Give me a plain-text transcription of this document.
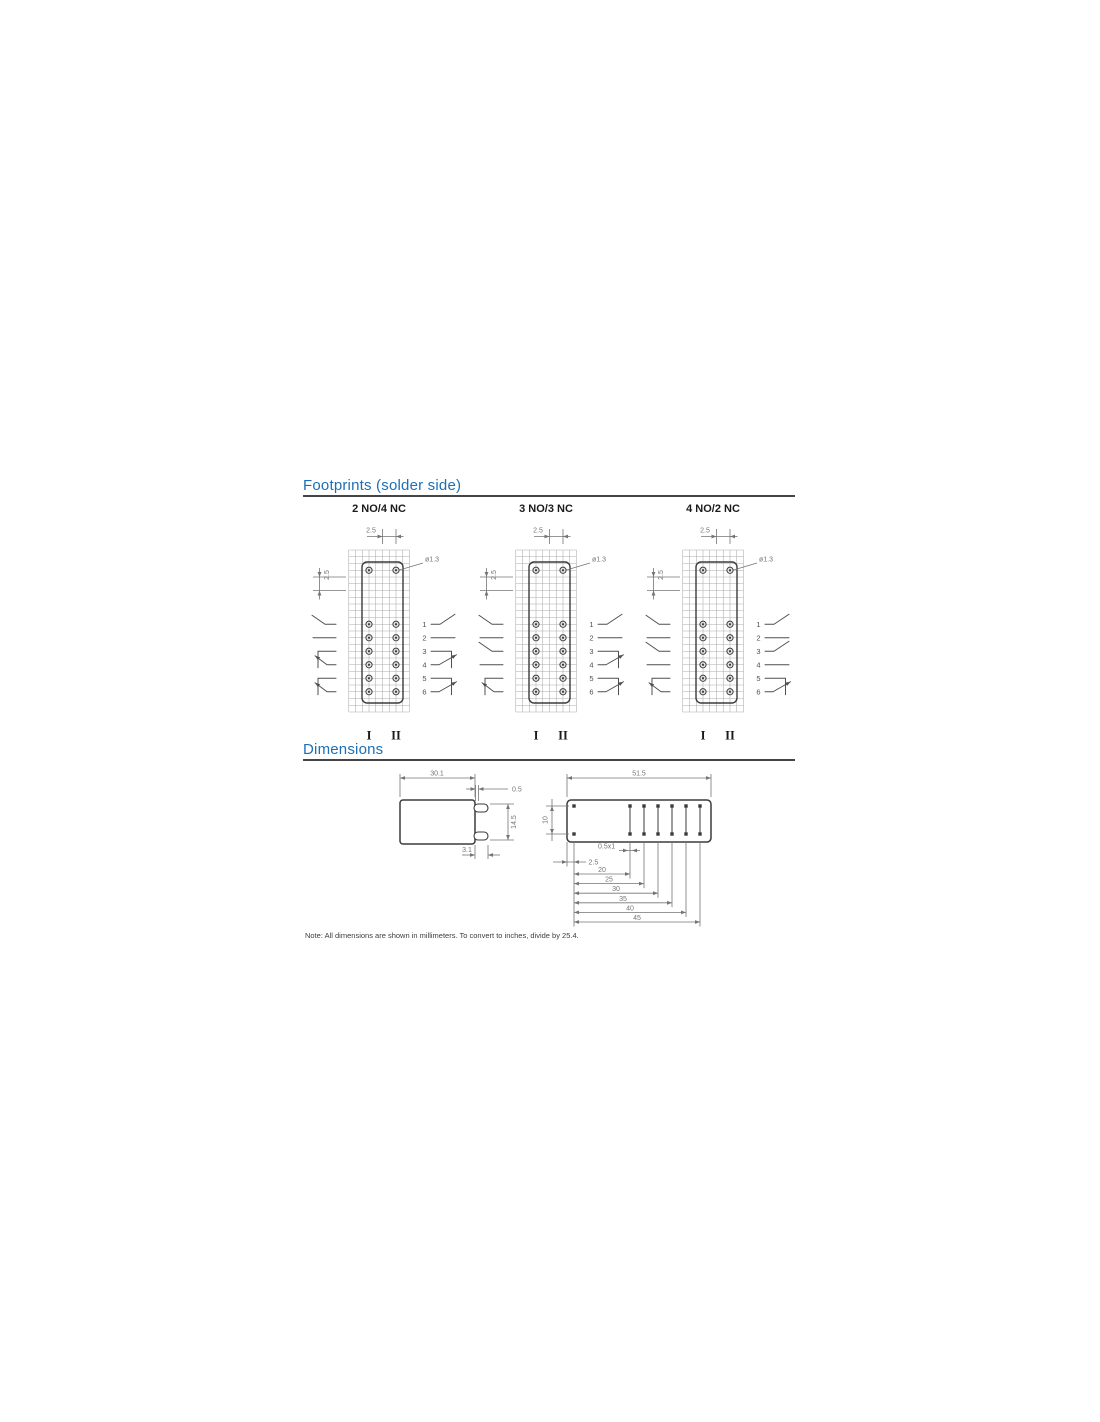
Footprints (solder side)
2 NO/4 NC
2.5
2.5
ø1.3
1
2
3
4
5
6
I II
3 NO/3 NC
2.5
2.5
ø1.3
1
2
3
4
5
6
I II
4 NO/2 NC
2.5
2.5
ø1.3
1
2
3
4
5
6
I II
Dimensions
30.1
0.5
14.5
3.1
51.5
10
0.5x1
2.5
20
25
30
35
40
45
Note: All dimensions are shown in millimeters. To convert to inches, divide by 25.4.
